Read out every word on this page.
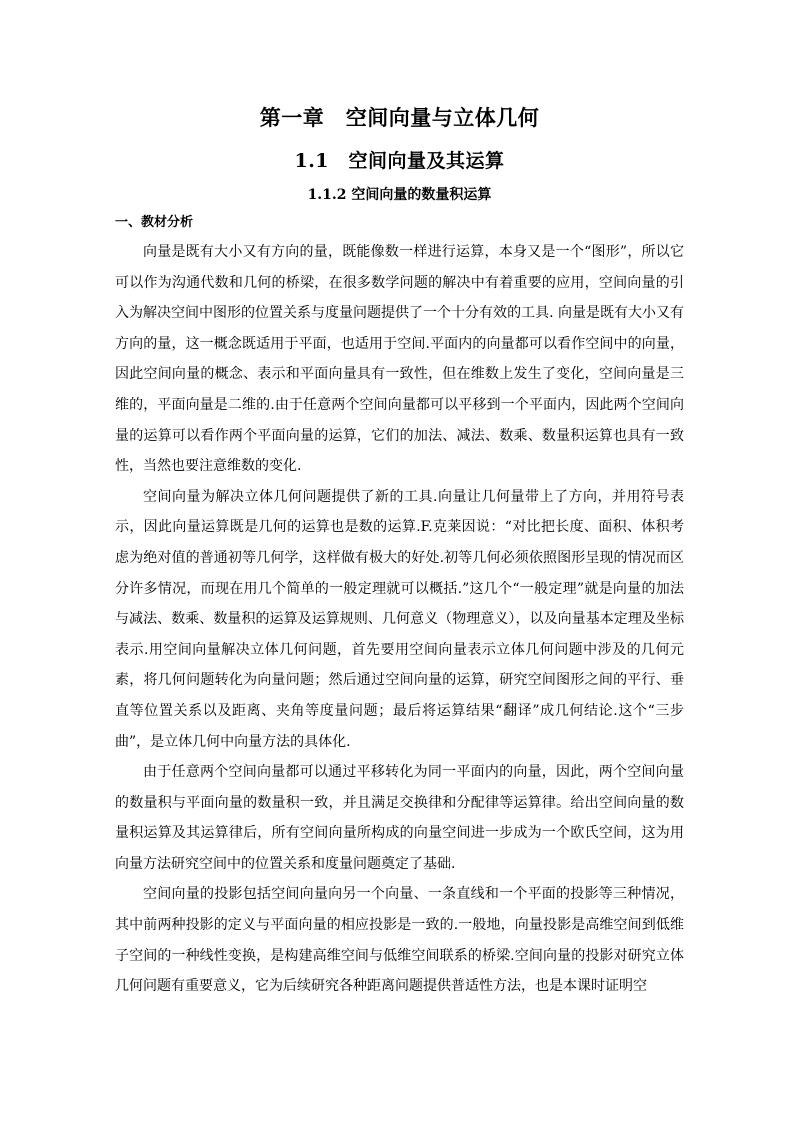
第一章　空间向量与立体几何
1.1　空间向量及其运算
1.1.2 空间向量的数量积运算
一、教材分析

向量是既有大小又有方向的量，既能像数一样进行运算，本身又是一个“图形”，所以它可以作为沟通代数和几何的桥梁，在很多数学问题的解决中有着重要的应用，空间向量的引入为解决空间中图形的位置关系与度量问题提供了一个十分有效的工具. 向量是既有大小又有方向的量，这一概念既适用于平面，也适用于空间.平面内的向量都可以看作空间中的向量，因此空间向量的概念、表示和平面向量具有一致性，但在维数上发生了变化，空间向量是三维的，平面向量是二维的.由于任意两个空间向量都可以平移到一个平面内，因此两个空间向量的运算可以看作两个平面向量的运算，它们的加法、减法、数乘、数量积运算也具有一致性，当然也要注意维数的变化.

空间向量为解决立体几何问题提供了新的工具.向量让几何量带上了方向，并用符号表示，因此向量运算既是几何的运算也是数的运算.F.克莱因说：“对比把长度、面积、体积考虑为绝对值的普通初等几何学，这样做有极大的好处.初等几何必须依照图形呈现的情况而区分许多情况，而现在用几个简单的一般定理就可以概括.”这几个“一般定理”就是向量的加法与减法、数乘、数量积的运算及运算规则、几何意义（物理意义），以及向量基本定理及坐标表示.用空间向量解决立体几何问题，首先要用空间向量表示立体几何问题中涉及的几何元素，将几何问题转化为向量问题；然后通过空间向量的运算，研究空间图形之间的平行、垂直等位置关系以及距离、夹角等度量问题；最后将运算结果“翻译”成几何结论.这个“三步曲”，是立体几何中向量方法的具体化.

由于任意两个空间向量都可以通过平移转化为同一平面内的向量，因此，两个空间向量的数量积与平面向量的数量积一致，并且满足交换律和分配律等运算律。给出空间向量的数量积运算及其运算律后，所有空间向量所构成的向量空间进一步成为一个欧氏空间，这为用向量方法研究空间中的位置关系和度量问题奠定了基础.

空间向量的投影包括空间向量向另一个向量、一条直线和一个平面的投影等三种情况，其中前两种投影的定义与平面向量的相应投影是一致的.一般地，向量投影是高维空间到低维子空间的一种线性变换，是构建高维空间与低维空间联系的桥梁.空间向量的投影对研究立体几何问题有重要意义，它为后续研究各种距离问题提供普适性方法，也是本课时证明空
